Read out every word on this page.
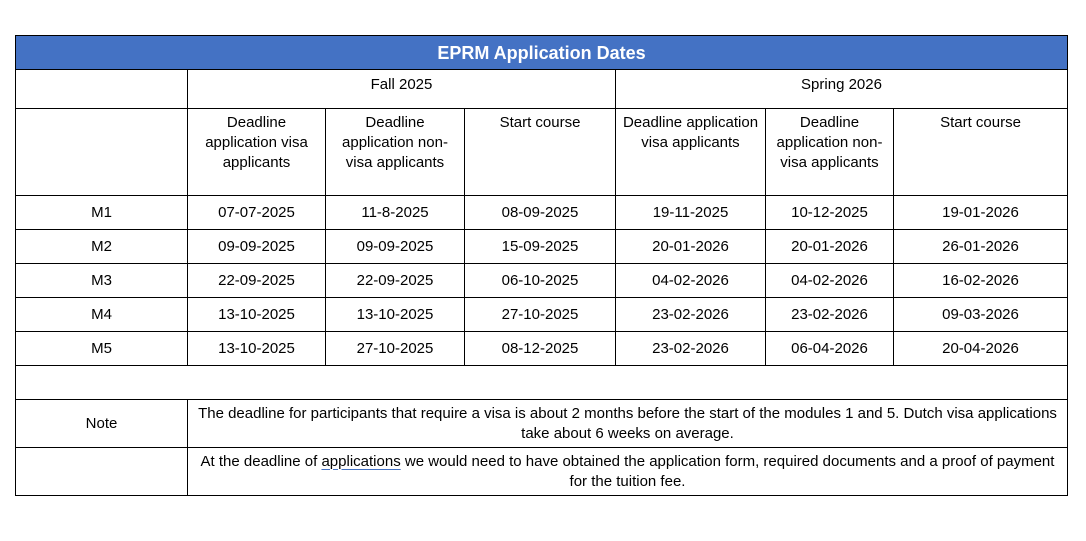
EPRM Application Dates						
	Fall 2025			Spring 2026		
	Deadline application visa applicants	Deadline application non-visa applicants	Start course	Deadline application visa applicants	Deadline application non-visa applicants	Start course
M1	07-07-2025	11-8-2025	08-09-2025	19-11-2025	10-12-2025	19-01-2026
M2	09-09-2025	09-09-2025	15-09-2025	20-01-2026	20-01-2026	26-01-2026
M3	22-09-2025	22-09-2025	06-10-2025	04-02-2026	04-02-2026	16-02-2026
M4	13-10-2025	13-10-2025	27-10-2025	23-02-2026	23-02-2026	09-03-2026
M5	13-10-2025	27-10-2025	08-12-2025	23-02-2026	06-04-2026	20-04-2026

Note	The deadline for participants that require a visa is about 2 months before the start of the modules 1 and 5. Dutch visa applications take about 6 weeks on average.					
	At the deadline of applications we would need to have obtained the application form, required documents and a proof of payment for the tuition fee.					
